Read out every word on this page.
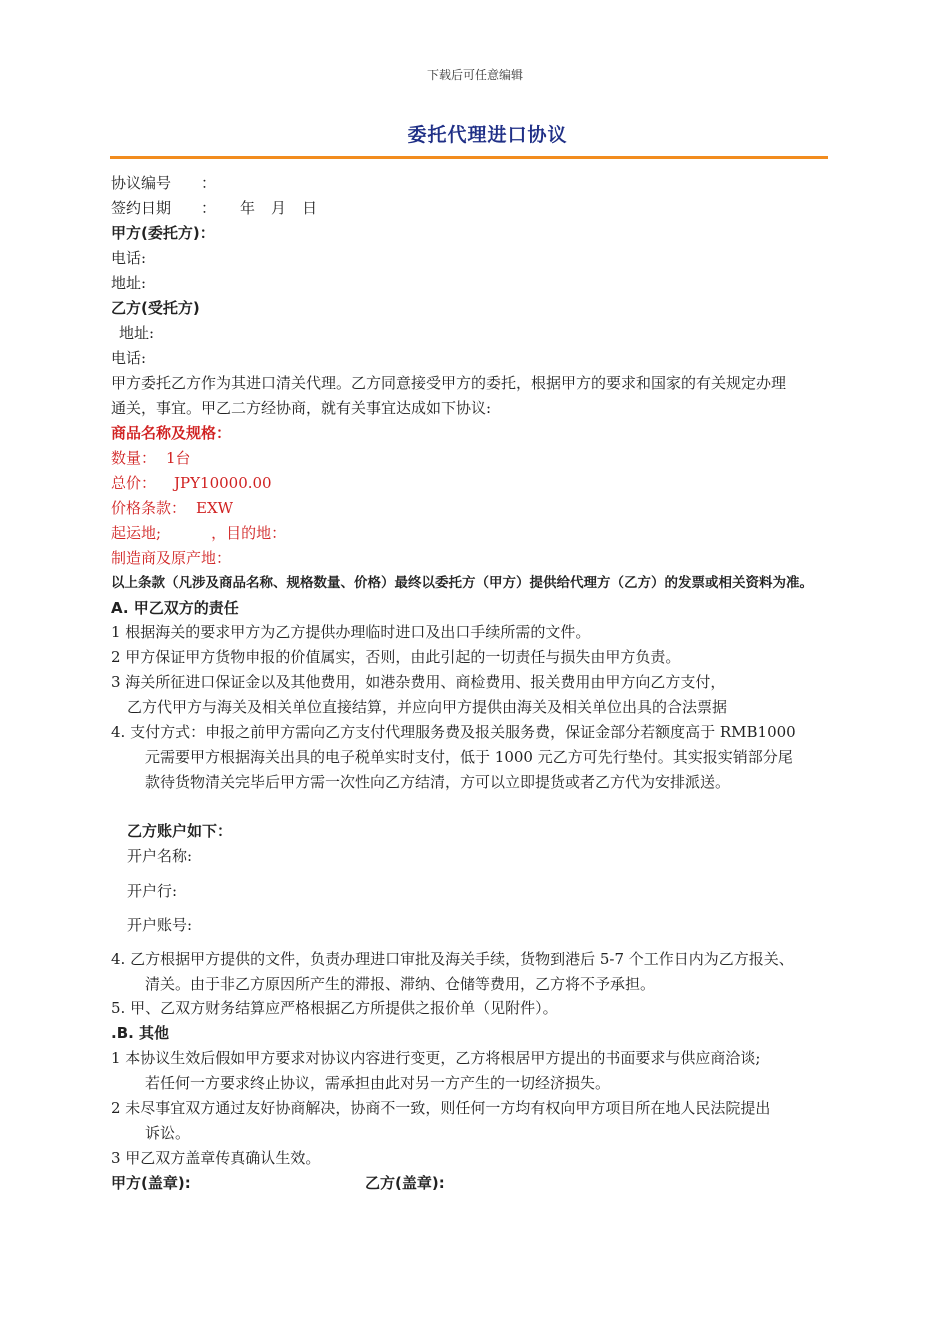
下载后可任意编辑
委托代理进口协议
协议编号 ：
签约日期 ： 年 月 日
甲方(委托方)：
电话:
地址:
乙方(受托方)
地址:
电话:
甲方委托乙方作为其进口清关代理。乙方同意接受甲方的委托，根据甲方的要求和国家的有关规定办理
通关，事宜。甲乙二方经协商，就有关事宜达成如下协议:
商品名称及规格：
数量： 1台
总价： JPY10000.00
价格条款： EXW
起运地;	，目的地：
制造商及原产地：
以上条款（凡涉及商品名称、规格数量、价格）最终以委托方（甲方）提供给代理方（乙方）的发票或相关资料为准。
A. 甲乙双方的责任
1 根据海关的要求甲方为乙方提供办理临时进口及出口手续所需的文件。
2 甲方保证甲方货物申报的价值属实，否则，由此引起的一切责任与损失由甲方负责。
3 海关所征进口保证金以及其他费用，如港杂费用、商检费用、报关费用由甲方向乙方支付，
乙方代甲方与海关及相关单位直接结算，并应向甲方提供由海关及相关单位出具的合法票据
4. 支付方式：申报之前甲方需向乙方支付代理服务费及报关服务费，保证金部分若额度高于 RMB1000
元需要甲方根据海关出具的电子税单实时支付，低于 1000 元乙方可先行垫付。其实报实销部分尾
款待货物清关完毕后甲方需一次性向乙方结清，方可以立即提货或者乙方代为安排派送。
乙方账户如下：
开户名称:
开户行:
开户账号:
4. 乙方根据甲方提供的文件，负责办理进口审批及海关手续，货物到港后 5-7 个工作日内为乙方报关、
清关。由于非乙方原因所产生的滞报、滞纳、仓储等费用，乙方将不予承担。
5. 甲、乙双方财务结算应严格根据乙方所提供之报价单（见附件）。
.B. 其他
1 本协议生效后假如甲方要求对协议内容进行变更，乙方将根居甲方提出的书面要求与供应商洽谈;
若任何一方要求终止协议，需承担由此对另一方产生的一切经济损失。
2 未尽事宜双方通过友好协商解决，协商不一致，则任何一方均有权向甲方项目所在地人民法院提出
诉讼。
3 甲乙双方盖章传真确认生效。
甲方(盖章):	乙方(盖章):
